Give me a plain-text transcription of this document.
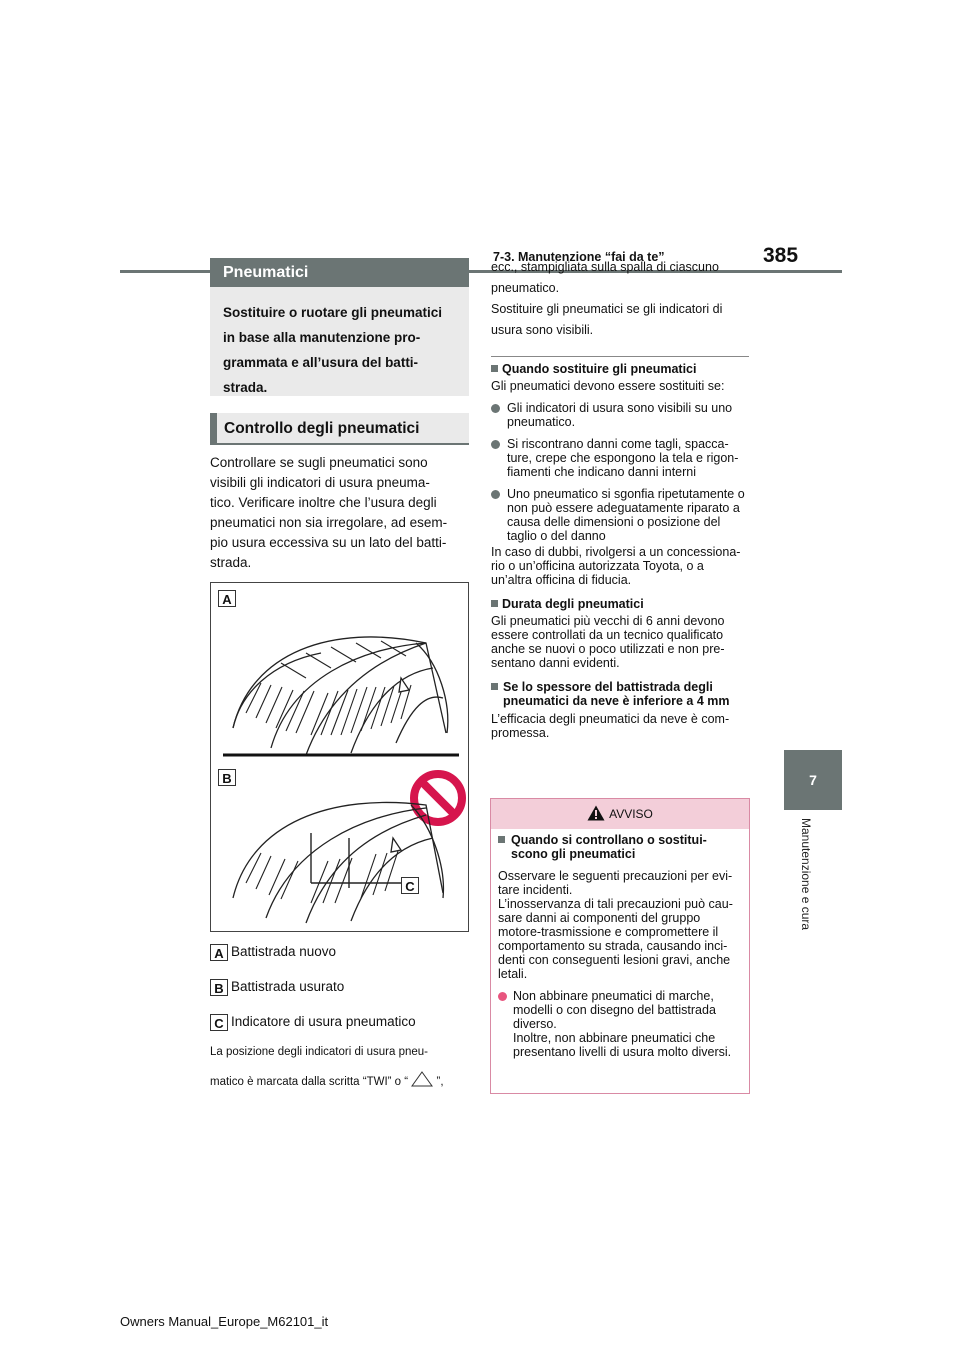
7-3. Manutenzione “fai da te”	385
7
Manutenzione e cura
Pneumatici
Sostituire o ruotare gli pneumatici
in base alla manutenzione pro-
grammata e all’usura del batti-
strada.
Controllo degli pneumatici
Controllare se sugli pneumatici sono
visibili gli indicatori di usura pneuma-
tico. Verificare inoltre che l’usura degli
pneumatici non sia irregolare, ad esem-
pio usura eccessiva su un lato del batti-
strada.
A
B
C
A Battistrada nuovo
B Battistrada usurato
C Indicatore di usura pneumatico
La posizione degli indicatori di usura pneu-
matico è marcata dalla scritta “TWI” o “ ”,
ecc., stampigliata sulla spalla di ciascuno
pneumatico.
Sostituire gli pneumatici se gli indicatori di
usura sono visibili.
Quando sostituire gli pneumatici
Gli pneumatici devono essere sostituiti se:
Gli indicatori di usura sono visibili su uno
pneumatico.
Si riscontrano danni come tagli, spacca-
ture, crepe che espongono la tela e rigon-
fiamenti che indicano danni interni
Uno pneumatico si sgonfia ripetutamente o
non può essere adeguatamente riparato a
causa delle dimensioni o posizione del
taglio o del danno
In caso di dubbi, rivolgersi a un concessiona-
rio o un’officina autorizzata Toyota, o a
un’altra officina di fiducia.
Durata degli pneumatici
Gli pneumatici più vecchi di 6 anni devono
essere controllati da un tecnico qualificato
anche se nuovi o poco utilizzati e non pre-
sentano danni evidenti.
Se lo spessore del battistrada degli
pneumatici da neve è inferiore a 4 mm
L’efficacia degli pneumatici da neve è com-
promessa.
AVVISO
Quando si controllano o sostitui-
scono gli pneumatici
Osservare le seguenti precauzioni per evi-
tare incidenti.
L’inosservanza di tali precauzioni può cau-
sare danni ai componenti del gruppo
motore-trasmissione e compromettere il
comportamento su strada, causando inci-
denti con conseguenti lesioni gravi, anche
letali.
Non abbinare pneumatici di marche,
modelli o con disegno del battistrada
diverso.
Inoltre, non abbinare pneumatici che
presentano livelli di usura molto diversi.
Owners Manual_Europe_M62101_it
